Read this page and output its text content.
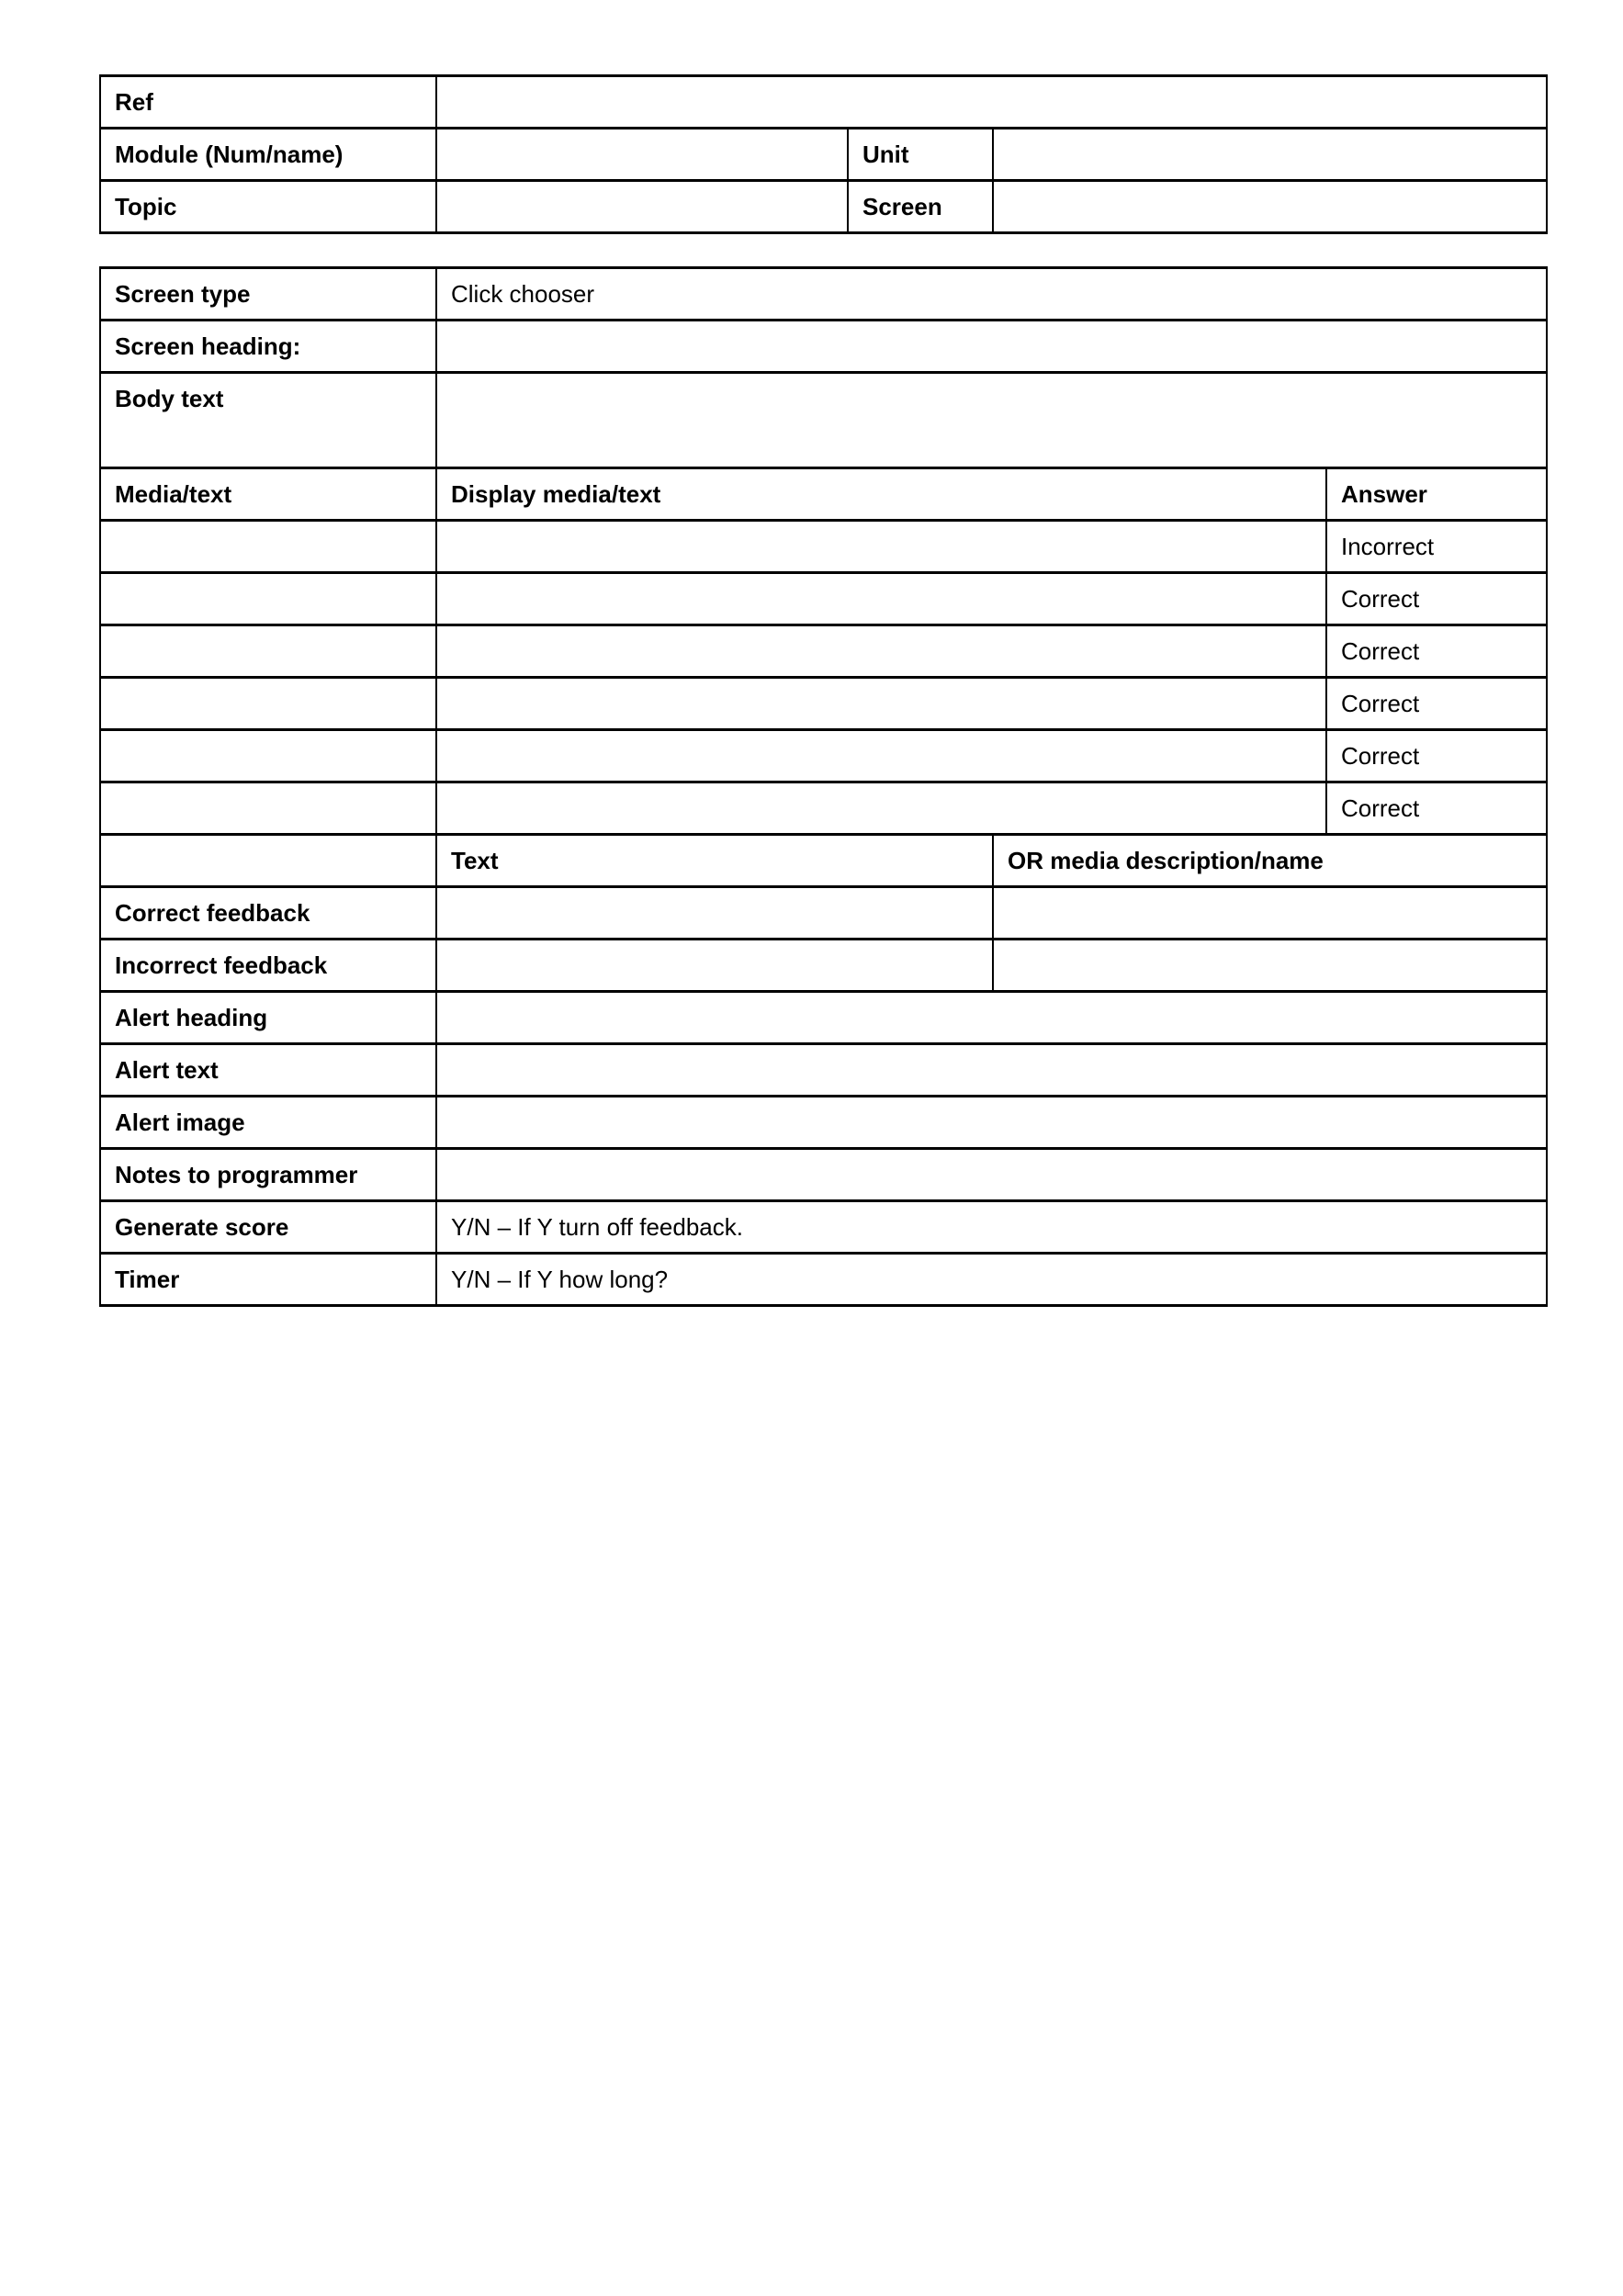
Ref			
Module (Num/name)		Unit	
Topic		Screen	
Screen type	Click chooser		
Screen heading:			
Body text			
Media/text	Display media/text		Answer
			Incorrect
			Correct
			Correct
			Correct
			Correct
			Correct
	Text	OR media description/name	
Correct feedback			
Incorrect feedback			
Alert heading			
Alert text			
Alert image			
Notes to programmer			
Generate score	Y/N – If Y turn off feedback.		
Timer	Y/N – If Y how long?		
